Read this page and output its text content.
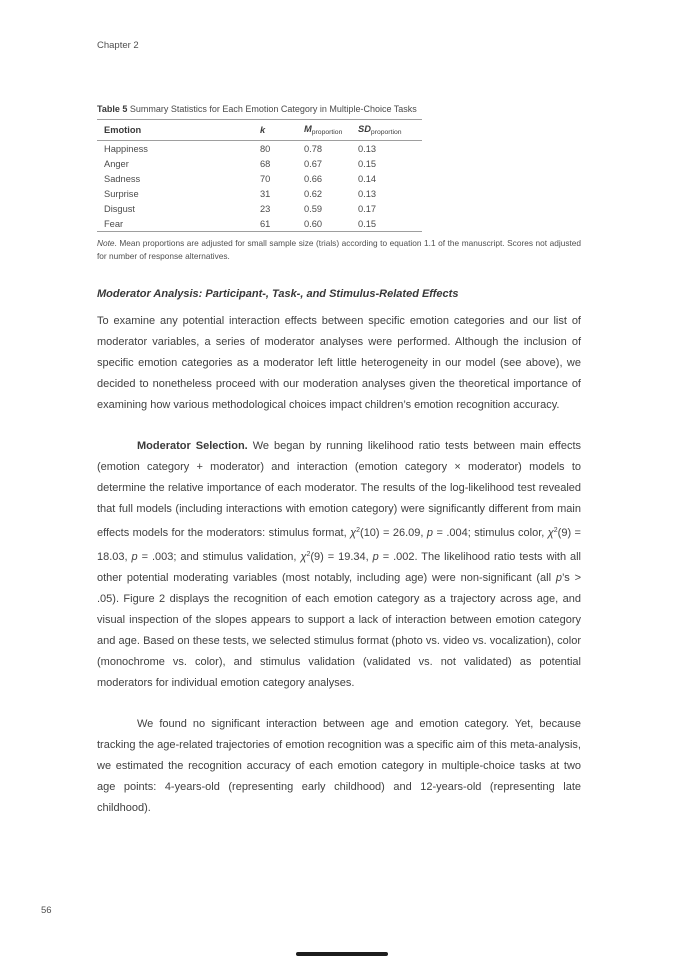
Chapter 2
Table 5 Summary Statistics for Each Emotion Category in Multiple-Choice Tasks
Emotion	k	$M_{proportion}$	$SD_{proportion}$
Happiness	80	0.78	0.13
Anger	68	0.67	0.15
Sadness	70	0.66	0.14
Surprise	31	0.62	0.13
Disgust	23	0.59	0.17
Fear	61	0.60	0.15
Note. Mean proportions are adjusted for small sample size (trials) according to equation 1.1 of the manuscript. Scores not adjusted for number of response alternatives.
Moderator Analysis: Participant-, Task-, and Stimulus-Related Effects

To examine any potential interaction effects between specific emotion categories and our list of moderator variables, a series of moderator analyses were performed. Although the inclusion of specific emotion categories as a moderator left little heterogeneity in our model (see above), we decided to nonetheless proceed with our moderation analyses given the theoretical importance of examining how various methodological choices impact children’s emotion recognition accuracy.

Moderator Selection. We began by running likelihood ratio tests between main effects (emotion category + moderator) and interaction (emotion category × moderator) models to determine the relative importance of each moderator. The results of the log-likelihood test revealed that full models (including interactions with emotion category) were significantly different from main effects models for the moderators: stimulus format, $\chi^2(10) = 26.09$, p = .004; stimulus color, $\chi^2(9) = 18.03$, p = .003; and stimulus validation, $\chi^2(9) = 19.34$, p = .002. The likelihood ratio tests with all other potential moderating variables (most notably, including age) were non-significant (all p’s > .05). Figure 2 displays the recognition of each emotion category as a trajectory across age, and visual inspection of the slopes appears to support a lack of interaction between emotion category and age. Based on these tests, we selected stimulus format (photo vs. video vs. vocalization), color (monochrome vs. color), and stimulus validation (validated vs. not validated) as potential moderators for individual emotion category analyses.

We found no significant interaction between age and emotion category. Yet, because tracking the age-related trajectories of emotion recognition was a specific aim of this meta-analysis, we estimated the recognition accuracy of each emotion category in multiple-choice tasks at two age points: 4-years-old (representing early childhood) and 12-years-old (representing late childhood).

56
